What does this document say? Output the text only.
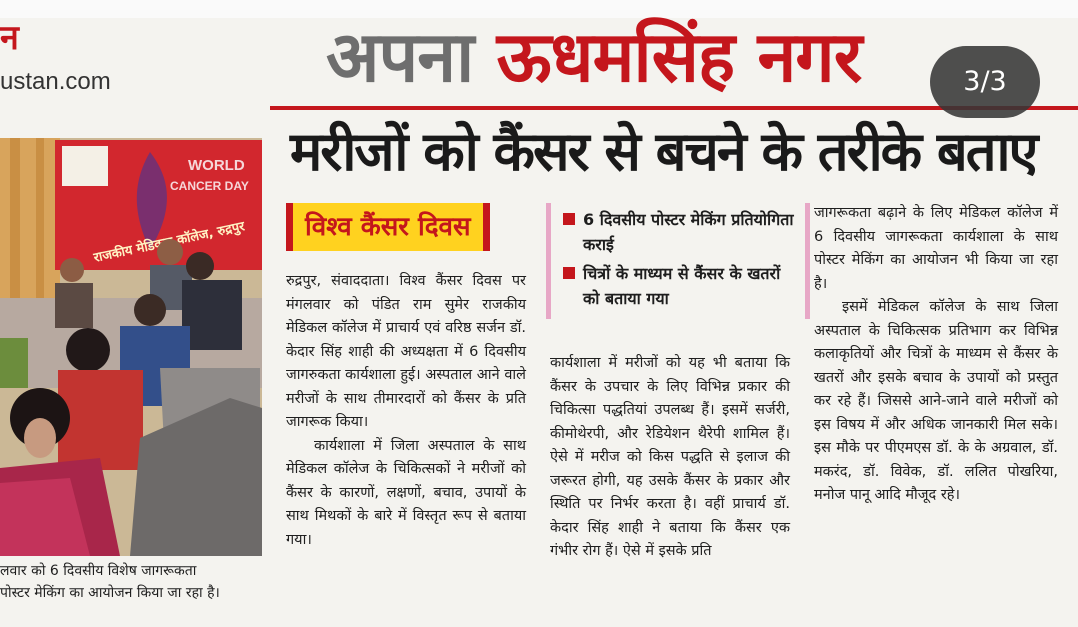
न
ustan.com	अपना ऊधमसिंह नगर
WORLD
CANCER DAY
राजकीय मेडिकल कॉलेज, रुद्रपुर
लवार को 6 दिवसीय विशेष जागरूकता
पोस्टर मेकिंग का आयोजन किया जा रहा है।
मरीजों को कैंसर से बचने के तरीके बताए
विश्व कैंसर दिवस	6 दिवसीय पोस्टर मेकिंग प्रतियोगिता कराई
चित्रों के माध्यम से कैंसर के खतरों को बताया गया

रुद्रपुर, संवाददाता। विश्व कैंसर दिवस पर मंगलवार को पंडित राम सुमेर राजकीय मेडिकल कॉलेज में प्राचार्य एवं वरिष्ठ सर्जन डॉ. केदार सिंह शाही की अध्यक्षता में 6 दिवसीय जागरुकता कार्यशाला हुई। अस्पताल आने वाले मरीजों के साथ तीमारदारों को कैंसर के प्रति जागरूक किया।

कार्यशाला में जिला अस्पताल के साथ मेडिकल कॉलेज के चिकित्सकों ने मरीजों को कैंसर के कारणों, लक्षणों, बचाव, उपायों के साथ मिथकों के बारे में विस्तृत रूप से बताया गया।

कार्यशाला में मरीजों को यह भी बताया कि कैंसर के उपचार के लिए विभिन्न प्रकार की चिकित्सा पद्धतियां उपलब्ध हैं। इसमें सर्जरी, कीमोथेरपी, और रेडियेशन थैरेपी शामिल हैं। ऐसे में मरीज को किस पद्धति से इलाज की जरूरत होगी, यह उसके कैंसर के प्रकार और स्थिति पर निर्भर करता है। वहीं प्राचार्य डॉ. केदार सिंह शाही ने बताया कि कैंसर एक गंभीर रोग हैं। ऐसे में इसके प्रति

जागरूकता बढ़ाने के लिए मेडिकल कॉलेज में 6 दिवसीय जागरूकता कार्यशाला के साथ पोस्टर मेकिंग का आयोजन भी किया जा रहा है।

इसमें मेडिकल कॉलेज के साथ जिला अस्पताल के चिकित्सक प्रतिभाग कर विभिन्न कलाकृतियों और चित्रों के माध्यम से कैंसर के खतरों और इसके बचाव के उपायों को प्रस्तुत कर रहे हैं। जिससे आने-जाने वाले मरीजों को इस विषय में और अधिक जानकारी मिल सके। इस मौके पर पीएमएस डॉ. के के अग्रवाल, डॉ. मकरंद, डॉ. विवेक, डॉ. ललित पोखरिया, मनोज पानू आदि मौजूद रहे।

3/3
